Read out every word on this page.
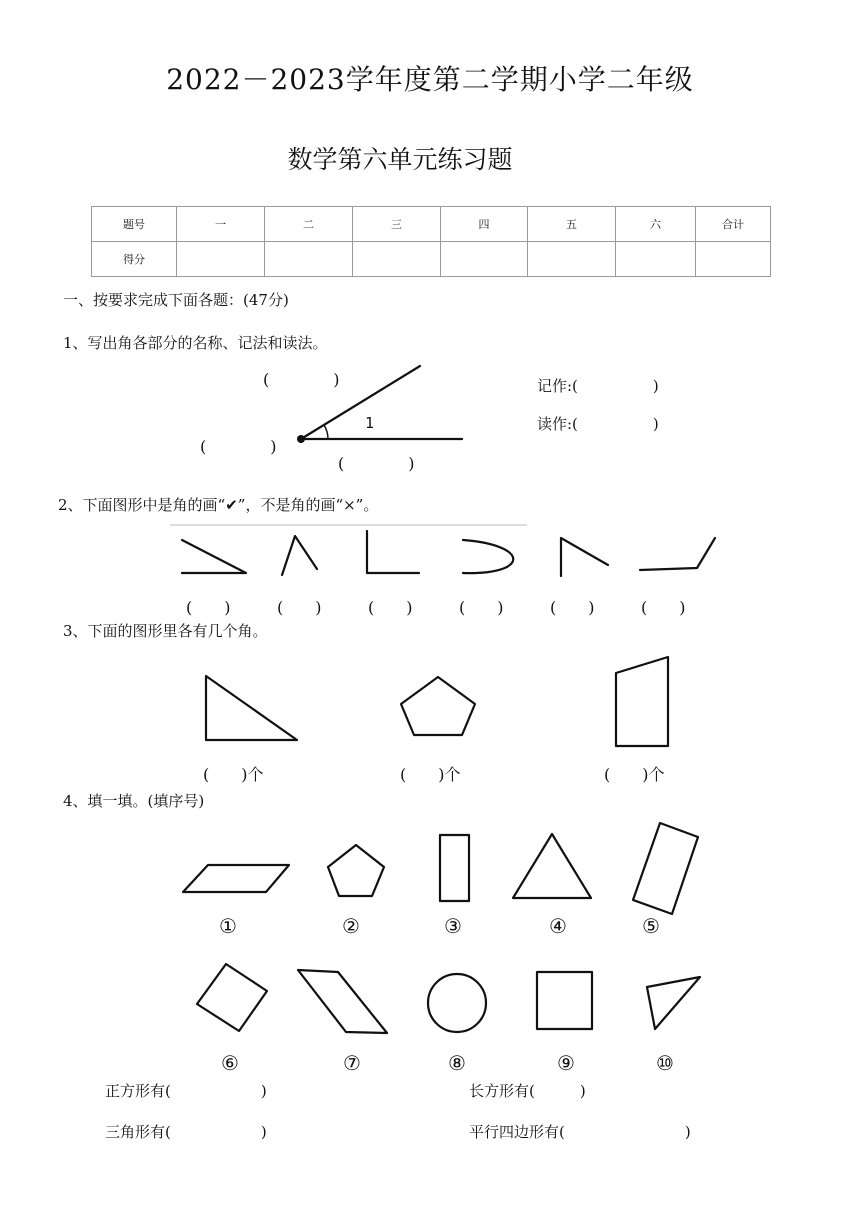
2022－2023学年度第二学期小学二年级
数学第六单元练习题
题号	一	二	三	四	五	六	合计
得分							
一、按要求完成下面各题：(47分)
1、写出角各部分的名称、记法和读法。
1
(　　　　)
(　　　　)
(　　　　)
记作:(　　　　　)
读作:(　　　　　)
2、下面图形中是角的画“✔”，不是角的画“×”。
(　　)	(　　)	(　　)	(　　)	(　　)	(　　)
3、下面的图形里各有几个角。
(　　)个	(　　)个	(　　)个
4、填一填。(填序号)
①	②	③	④	⑤
⑥	⑦	⑧	⑨	⑩
正方形有(　　　　　　)	长方形有(　　　)
三角形有(　　　　　　)	平行四边形有(　　　　　　　　)
